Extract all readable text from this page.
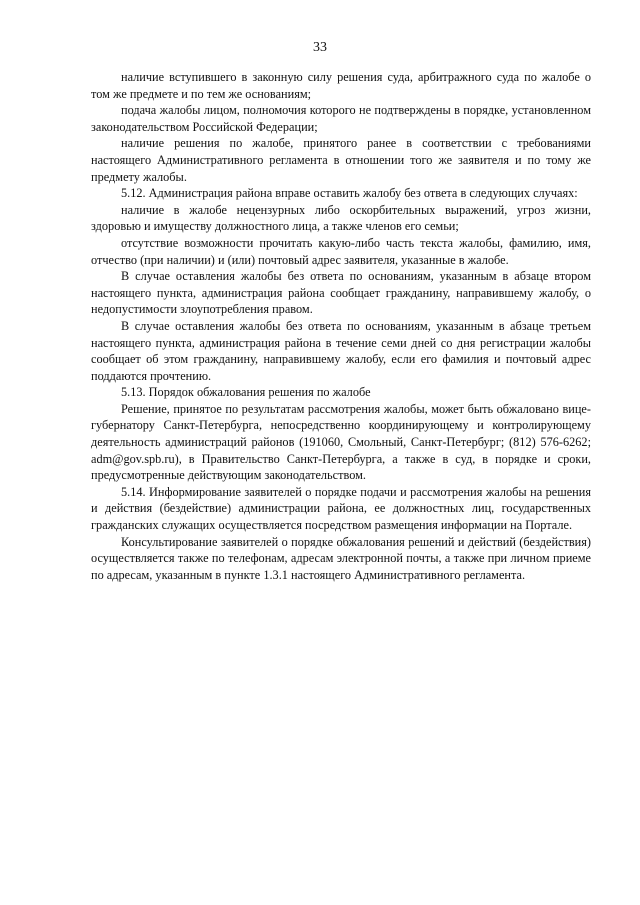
33

наличие вступившего в законную силу решения суда, арбитражного суда по жалобе о том же предмете и по тем же основаниям;

подача жалобы лицом, полномочия которого не подтверждены в порядке, установленном законодательством Российской Федерации;

наличие решения по жалобе, принятого ранее в соответствии с требованиями настоящего Административного регламента в отношении того же заявителя и по тому же предмету жалобы.

5.12. Администрация района вправе оставить жалобу без ответа в следующих случаях:

наличие в жалобе нецензурных либо оскорбительных выражений, угроз жизни, здоровью и имуществу должностного лица, а также членов его семьи;

отсутствие возможности прочитать какую-либо часть текста жалобы, фамилию, имя, отчество (при наличии) и (или) почтовый адрес заявителя, указанные в жалобе.

В случае оставления жалобы без ответа по основаниям, указанным в абзаце втором настоящего пункта, администрация района сообщает гражданину, направившему жалобу, о недопустимости злоупотребления правом.

В случае оставления жалобы без ответа по основаниям, указанным в абзаце третьем настоящего пункта, администрация района в течение семи дней со дня регистрации жалобы сообщает об этом гражданину, направившему жалобу, если его фамилия и почтовый адрес поддаются прочтению.

5.13. Порядок обжалования решения по жалобе

Решение, принятое по результатам рассмотрения жалобы, может быть обжаловано вице-губернатору Санкт-Петербурга, непосредственно координирующему и контролирующему деятельность администраций районов (191060, Смольный, Санкт-Петербург; (812) 576-6262; adm@gov.spb.ru), в Правительство Санкт-Петербурга, а также в суд, в порядке и сроки, предусмотренные действующим законодательством.

5.14. Информирование заявителей о порядке подачи и рассмотрения жалобы на решения и действия (бездействие) администрации района, ее должностных лиц, государственных гражданских служащих осуществляется посредством размещения информации на Портале.

Консультирование заявителей о порядке обжалования решений и действий (бездействия) осуществляется также по телефонам, адресам электронной почты, а также при личном приеме по адресам, указанным в пункте 1.3.1 настоящего Административного регламента.
